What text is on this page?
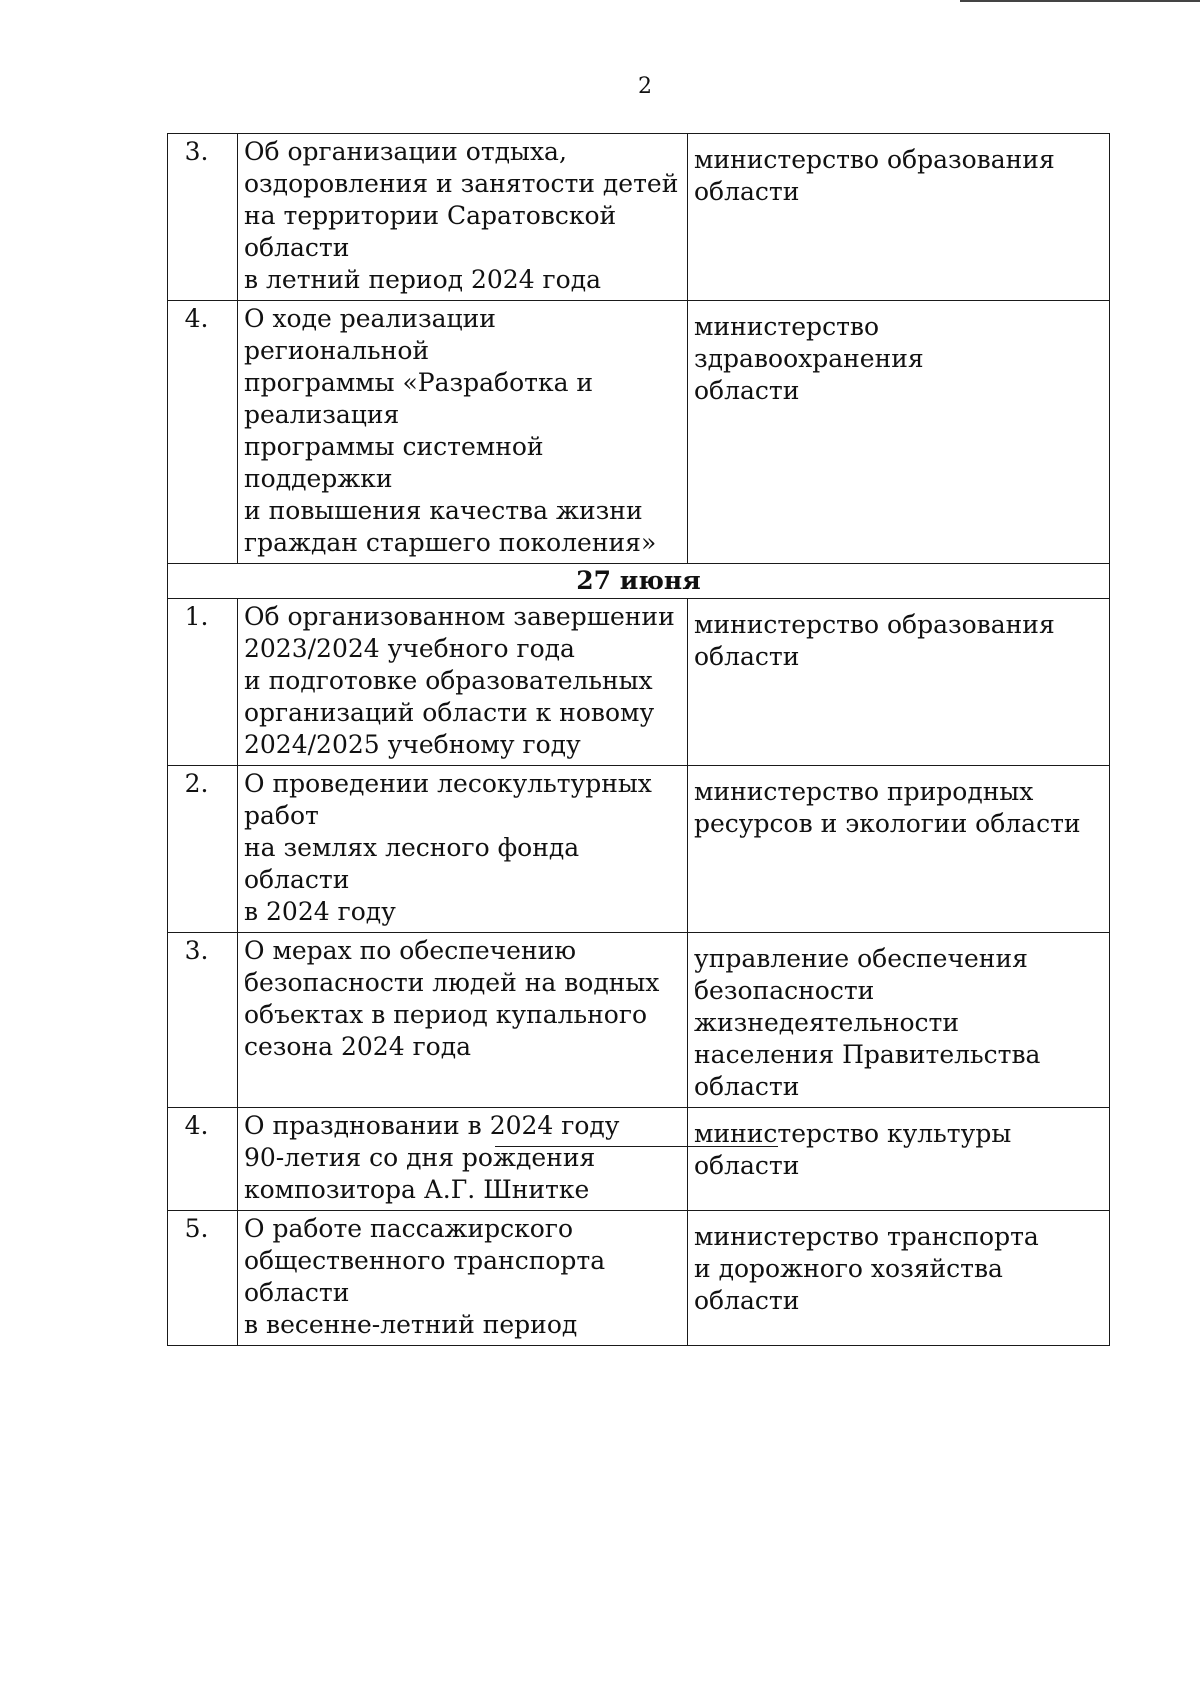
2
3.	Об организации отдыха,
оздоровления и занятости детей
на территории Саратовской области
в летний период 2024 года	министерство образования
области
4.	О ходе реализации региональной
программы «Разработка и реализация
программы системной поддержки
и повышения качества жизни
граждан старшего поколения»	министерство здравоохранения
области
27 июня		
1.	Об организованном завершении
2023/2024 учебного года
и подготовке образовательных
организаций области к новому
2024/2025 учебному году	министерство образования
области
2.	О проведении лесокультурных работ
на землях лесного фонда области
в 2024 году	министерство природных
ресурсов и экологии области
3.	О мерах по обеспечению
безопасности людей на водных
объектах в период купального
сезона 2024 года	управление обеспечения
безопасности жизнедеятельности
населения Правительства области
4.	О праздновании в 2024 году
90-летия со дня рождения
композитора А.Г. Шнитке	министерство культуры области
5.	О работе пассажирского
общественного транспорта области
в весенне-летний период	министерство транспорта
и дорожного хозяйства области
